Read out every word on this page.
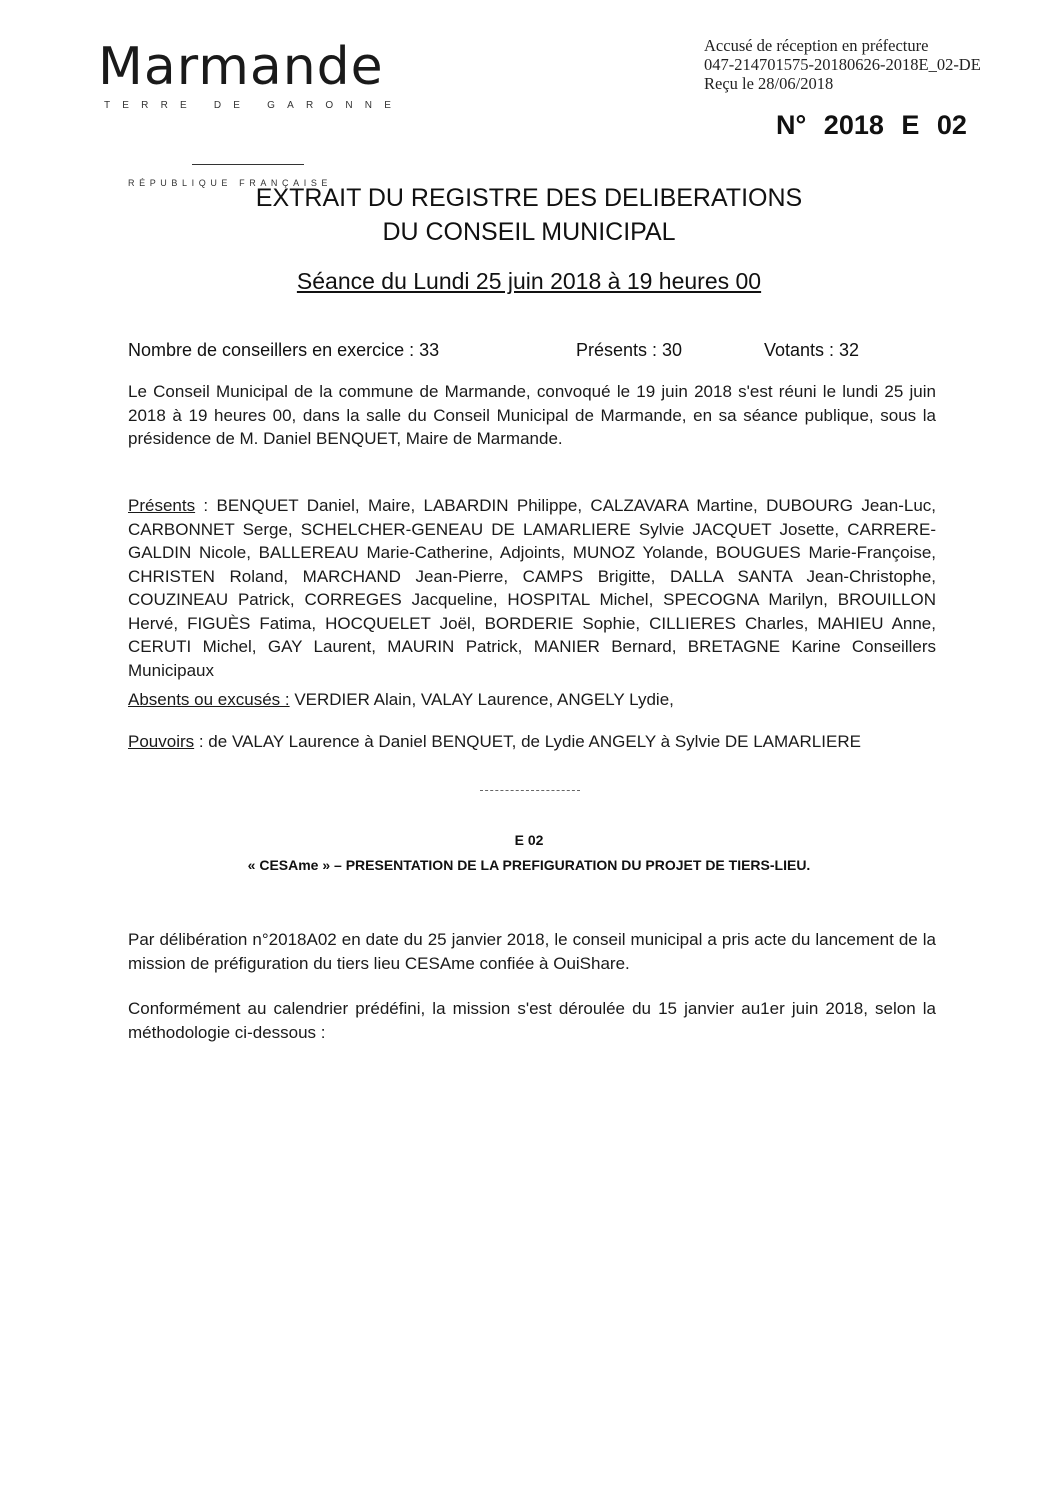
Marmande
TERRE DE GARONNE
RÉPUBLIQUE FRANÇAISE
Accusé de réception en préfecture
047-214701575-20180626-2018E_02-DE
Reçu le 28/06/2018
N° 2018 E 02
EXTRAIT DU REGISTRE DES DELIBERATIONS
DU CONSEIL MUNICIPAL
Séance du Lundi 25 juin 2018 à 19 heures 00
Nombre de conseillers en exercice : 33	Présents : 30	Votants : 32
Le Conseil Municipal de la commune de Marmande, convoqué le 19 juin 2018 s'est réuni le lundi 25 juin 2018 à 19 heures 00, dans la salle du Conseil Municipal de Marmande, en sa séance publique, sous la présidence de M. Daniel BENQUET, Maire de Marmande.
Présents : BENQUET Daniel, Maire, LABARDIN Philippe, CALZAVARA Martine, DUBOURG Jean-Luc, CARBONNET Serge, SCHELCHER-GENEAU DE LAMARLIERE Sylvie JACQUET Josette, CARRERE-GALDIN Nicole, BALLEREAU Marie-Catherine, Adjoints, MUNOZ Yolande, BOUGUES Marie-Françoise, CHRISTEN Roland, MARCHAND Jean-Pierre, CAMPS Brigitte, DALLA SANTA Jean-Christophe, COUZINEAU Patrick, CORREGES Jacqueline, HOSPITAL Michel, SPECOGNA Marilyn, BROUILLON Hervé, FIGUÈS Fatima, HOCQUELET Joël, BORDERIE Sophie, CILLIERES Charles, MAHIEU Anne, CERUTI Michel, GAY Laurent, MAURIN Patrick, MANIER Bernard, BRETAGNE Karine Conseillers Municipaux
Absents ou excusés : VERDIER Alain, VALAY Laurence, ANGELY Lydie,
Pouvoirs : de VALAY Laurence à Daniel BENQUET, de Lydie ANGELY à Sylvie DE LAMARLIERE
E 02
« CESAme » – PRESENTATION DE LA PREFIGURATION DU PROJET DE TIERS-LIEU.
Par délibération n°2018A02 en date du 25 janvier 2018, le conseil municipal a pris acte du lancement de la mission de préfiguration du tiers lieu CESAme confiée à OuiShare.
Conformément au calendrier prédéfini, la mission s'est déroulée du 15 janvier au1er juin 2018, selon la méthodologie ci-dessous :
